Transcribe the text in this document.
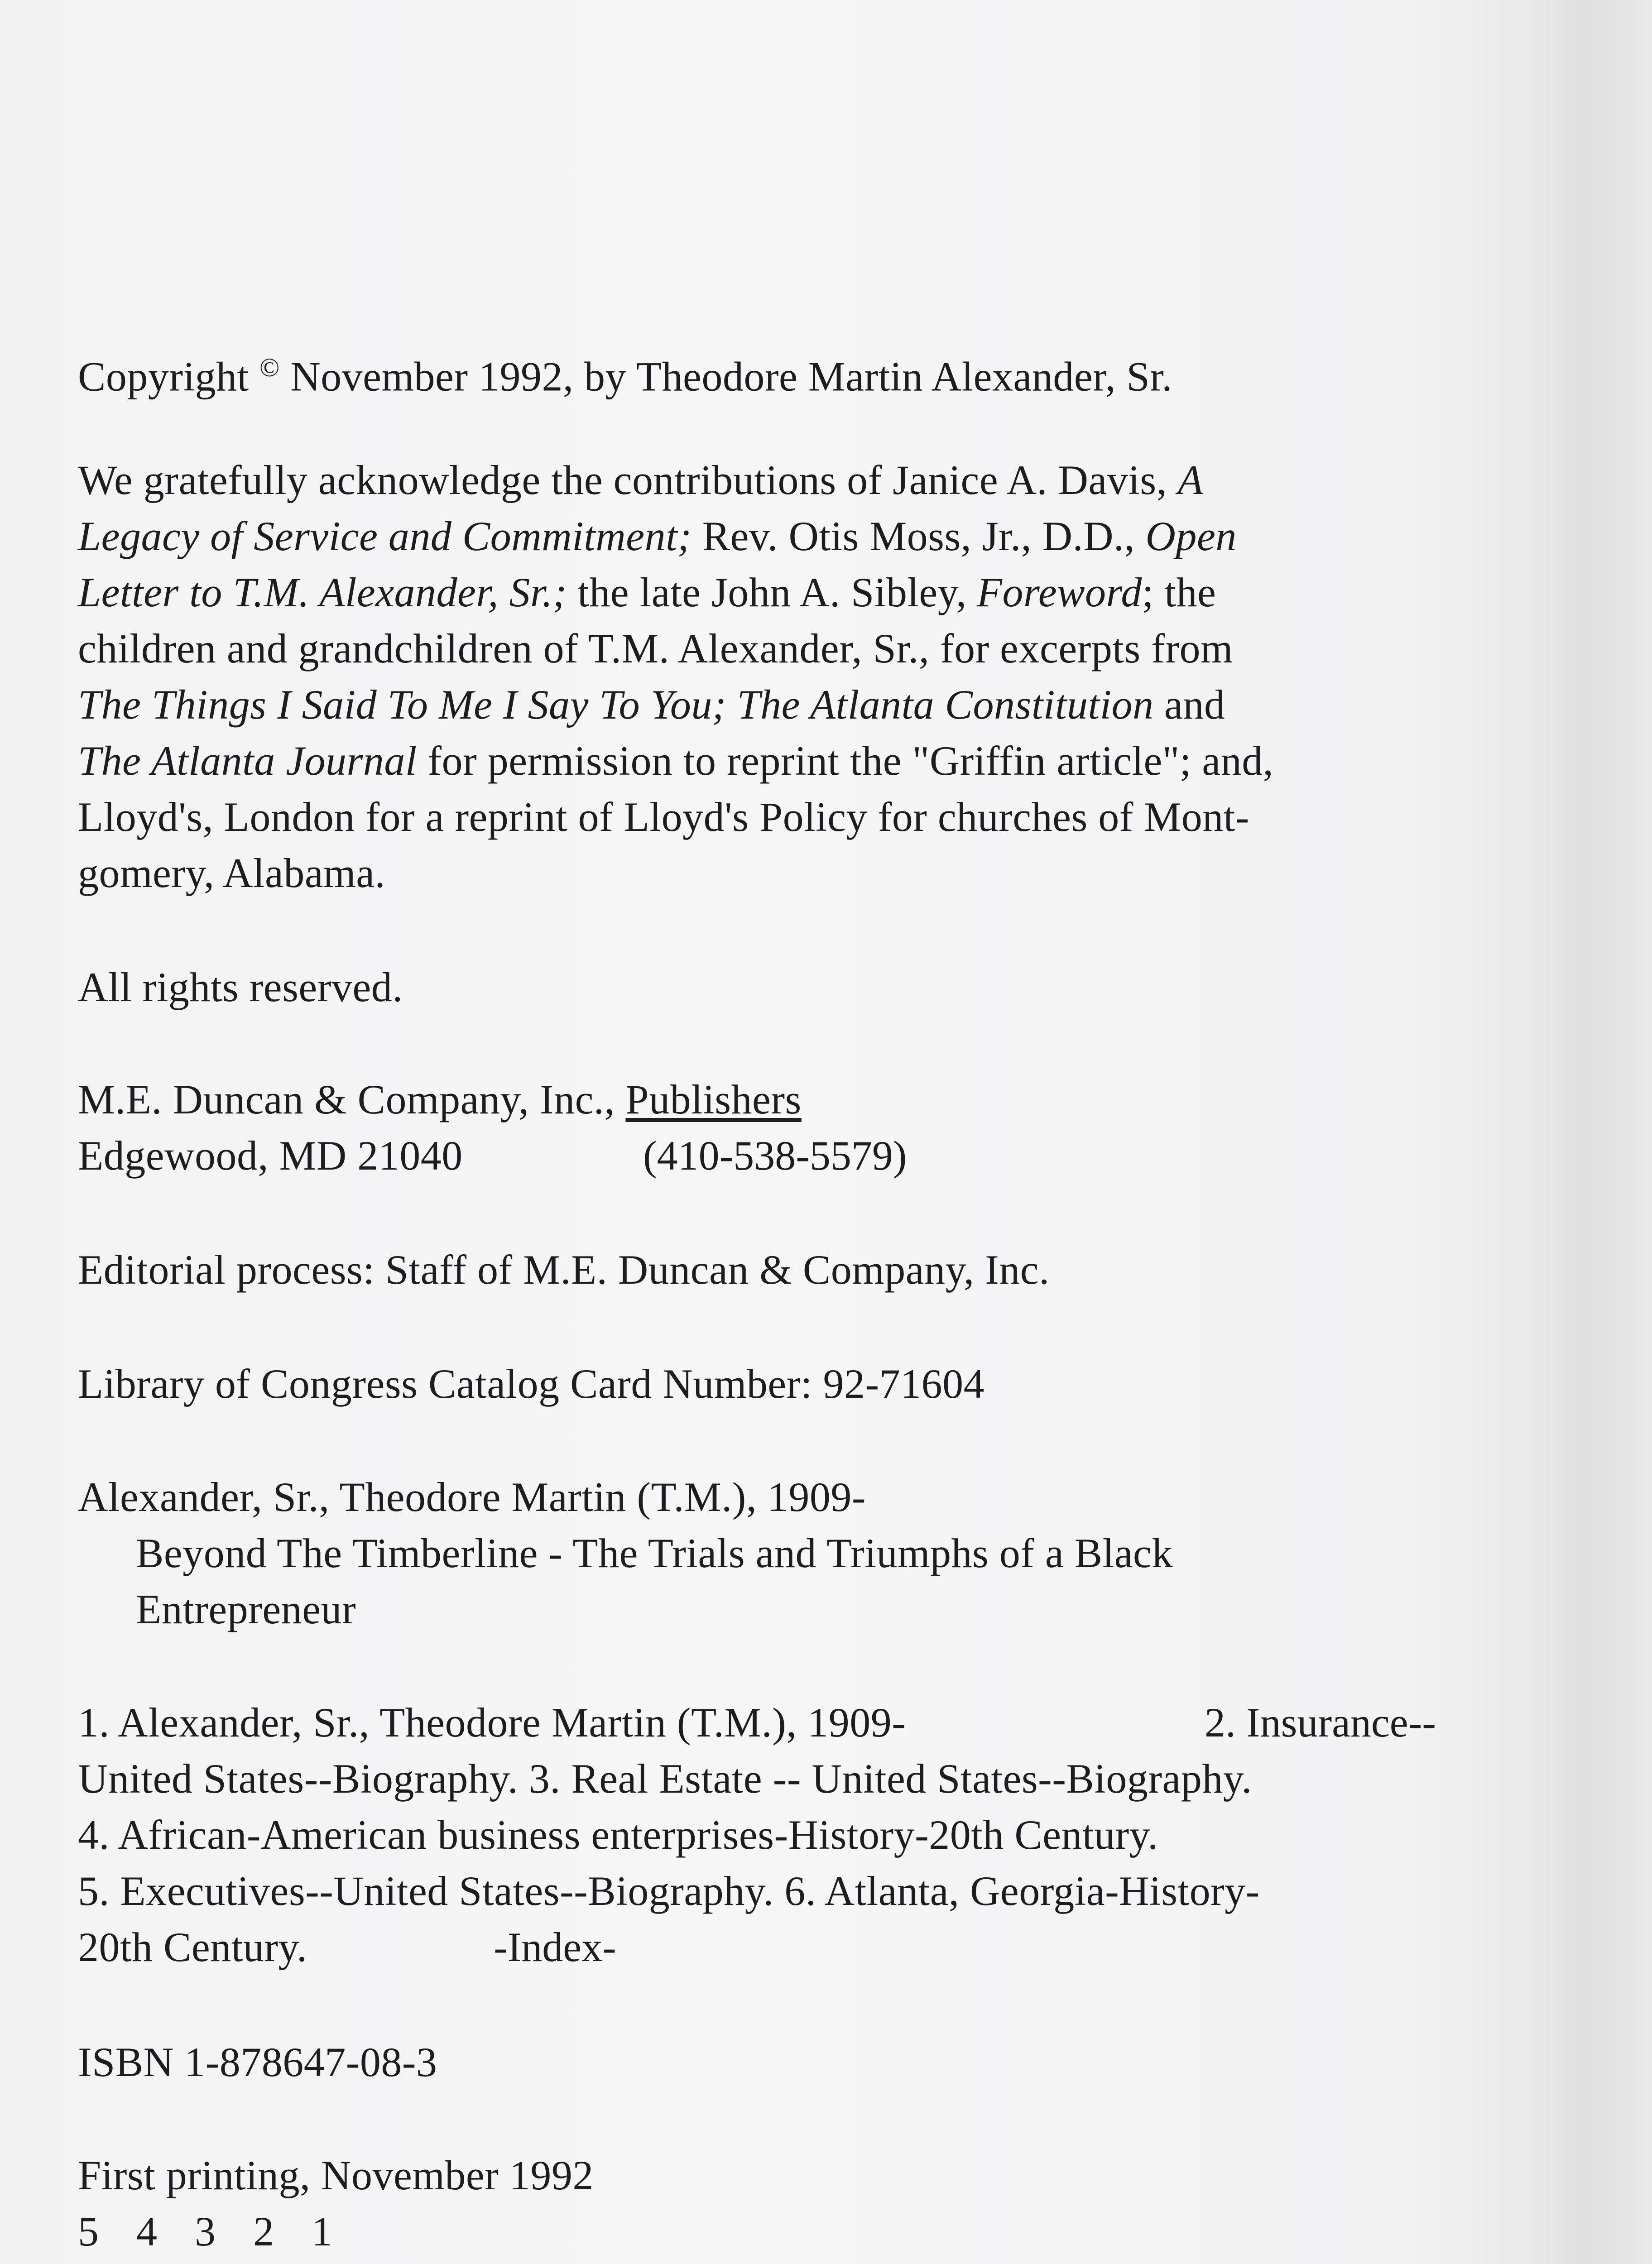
Copyright © November 1992, by Theodore Martin Alexander, Sr.
We gratefully acknowledge the contributions of Janice A. Davis, A
Legacy of Service and Commitment; Rev. Otis Moss, Jr., D.D., Open
Letter to T.M. Alexander, Sr.; the late John A. Sibley, Foreword; the
children and grandchildren of T.M. Alexander, Sr., for excerpts from
The Things I Said To Me I Say To You; The Atlanta Constitution and
The Atlanta Journal for permission to reprint the "Griffin article"; and,
Lloyd's, London for a reprint of Lloyd's Policy for churches of Mont-
gomery, Alabama.
All rights reserved.
M.E. Duncan & Company, Inc., Publishers
Edgewood, MD 21040	(410-538-5579)
Editorial process: Staff of M.E. Duncan & Company, Inc.
Library of Congress Catalog Card Number: 92-71604
Alexander, Sr., Theodore Martin (T.M.), 1909-
Beyond The Timberline - The Trials and Triumphs of a Black
Entrepreneur
1. Alexander, Sr., Theodore Martin (T.M.), 1909-	2. Insurance--
United States--Biography. 3. Real Estate -- United States--Biography.
4. African-American business enterprises-History-20th Century.
5. Executives--United States--Biography. 6. Atlanta, Georgia-History-
20th Century.	-Index-
ISBN 1-878647-08-3
First printing, November 1992
5 4 3 2 1
